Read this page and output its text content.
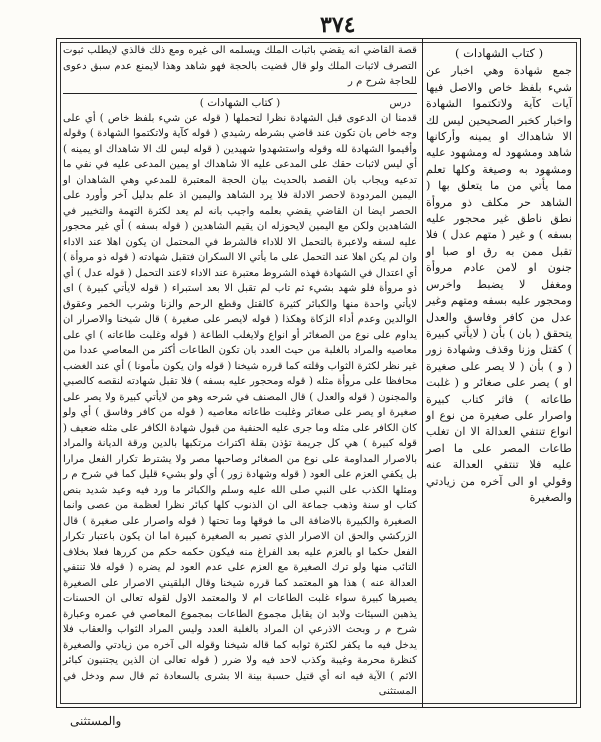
٣٧٤
( كتاب الشهادات )

جمع شهادة وهي اخبار عن شيء بلفظ خاص والاصل فيها آيات كآية ولاتكتموا الشهادة واخبار كخبر الصحيحين ليس لك الا شاهداك او يمينه وأركانها شاهد ومشهود له ومشهود عليه ومشهود به وصيغة وكلها تعلم مما يأتي من ما يتعلق بها ( الشاهد حر مكلف ذو مروأة نطق ناطق غير محجور عليه بسفه ) و غير ( متهم عدل ) فلا تقبل ممن به رق او صبا او جنون او لامن عادم مروأة ومغفل لا يضبط واخرس ومحجور عليه بسفه ومتهم وغير عدل من كافر وفاسق والعدل يتحقق ( بان ) بأن ( لايأتي كبيرة ) كقتل وزنا وقذف وشهادة زور ( و ) بأن ( لا يصر على صغيرة او ) يصر على صغائر و ( غلبت طاعاته ) فاثر كتاب كبيرة واصرار على صغيرة من نوع او انواع تنتفي العدالة الا ان تغلب طاعات المصر على ما اصر عليه فلا تنتفي العدالة عنه وقولي او الى آخره من زيادتي والصغيرة

قصة القاضي انه يقضي باثبات الملك ويسلمه الى غيره ومع ذلك فالذي لايطلب ثبوت التصرف لاثبات الملك ولو قال قضيت بالحجة فهو شاهد وهذا لايمنع عدم سبق دعوى للحاجة شرح م ر

( كتاب الشهادات )	درس

قدمنا ان الدعوى قبل الشهادة نظرا لتحملها ( قوله عن شيء بلفظ خاص ) أي على وجه خاص بان تكون عند قاضي بشرطه رشيدي ( قوله كآية ولاتكتموا الشهادة ) وقوله وأقيموا الشهادة لله وقوله واستشهدوا شهيدين ( قوله ليس لك الا شاهداك او يمينه ) أي ليس لاثبات حقك على المدعى عليه الا شاهداك او يمين المدعى عليه في نفي ما تدعيه ويجاب بان القصد بالحديث بيان الحجة المعتبرة للمدعي وهي الشاهدان او اليمين المردودة لاحصر الادلة فلا يرد الشاهد واليمين اذ علم بدليل آخر وأورد على الحصر ايضا ان القاضي يقضي بعلمه واجيب بانه لم يعد لكثرة التهمة والتخيير في الشاهدين ولكن مع اليمين لايحوزله ان يقيم الشاهدين ( قوله بسفه ) أي غير محجور عليه لسفه ولاعبرة بالتحمل الا للاداء فالشرط في المحتمل ان يكون اهلا عند الاداء وان لم يكن اهلا عند التحمل على ما يأتي الا السكران فتقبل شهادته ( قوله ذو مروأة ) أي اعتدال في الشهادة فهذه الشروط معتبرة عند الاداء لاعند التحمل ( قوله عدل ) أي ذو مروأة فلو شهد بشيء ثم تاب لم تقبل الا بعد استبراء ( قوله لايأتي كبيرة ) اى لايأتي واحدة منها والكبائر كثيرة كالقتل وقطع الرحم والزنا وشرب الخمر وعقوق الوالدين وعدم أداء الزكاة وهكذا ( قوله لايصر على صغيرة ) قال شيخنا والاصرار ان يداوم على نوع من الصغائر أو انواع ولايغلب الطاعة ( قوله وغلبت طاعاته ) اي على معاصيه والمراد بالغلبة من حيث العدد بان تكون الطاعات أكثر من المعاصي عددا من غير نظر لكثرة الثواب وقلته كما قرره شيخنا ( قوله وان يكون مأمونا ) أي عند الغضب محافظا على مروأة مثله ( قوله ومحجور عليه بسفه ) فلا تقبل شهادته لنقصه كالصبي والمجنون ( قوله والعدل ) قال المصنف في شرحه وهو من لايأتي كبيرة ولا يصر على صغيرة او يصر على صغائر وغلبت طاعاته معاصيه ( قوله من كافر وفاسق ) أي ولو كان الكافر على مثله وما جرى عليه الحنفية من قبول شهادة الكافر على مثله ضعيف ( قوله كبيرة ) هي كل جريمة تؤذن بقلة اكتراث مرتكبها بالدين ورقة الديانة والمراد بالاصرار المداومة على نوع من الصغائر وصاحبها مصر ولا يشترط تكرار الفعل مرارا بل يكفي العزم على العود ( قوله وشهادة زور ) أي ولو بشيء قليل كما في شرح م ر ومثلها الكذب على النبي صلى الله عليه وسلم والكبائر ما ورد فيه وعيد شديد بنص كتاب او سنة وذهب جماعة الى ان الذنوب كلها كبائر نظرا لعظمة من عصى وانما الصغيرة والكبيرة بالاضافة الى ما فوقها وما تحتها ( قوله واصرار على صغيرة ) قال الزركشي والحق ان الاصرار الذي تصير به الصغيرة كبيرة اما ان يكون باعتبار تكرار الفعل حكما او بالعزم عليه بعد الفراغ منه فيكون حكمه حكم من كررها فعلا بخلاف التائب منها ولو ترك الصغيرة مع العزم على عدم العود لم يضره ( قوله فلا تنتفي العدالة عنه ) هذا هو المعتمد كما قرره شيخنا وقال البلقيني الاصرار على الصغيرة يصيرها كبيرة سواء غلبت الطاعات ام لا والمعتمد الاول لقوله تعالى ان الحسنات يذهبن السيئات ولابد ان يقابل مجموع الطاعات بمجموع المعاصي في عمره وعبارة شرح م ر وبحث الاذرعي ان المراد بالغلبة العدد وليس المراد الثواب والعقاب فلا يدخل فيه ما يكفر لكثرة ثوابه كما قاله شيخنا وقوله الى آخره من زيادتي والصغيرة كنظرة محرمة وغيبة وكذب لاحد فيه ولا ضرر ( قوله تعالى ان الذين يجتنبون كبائر الاثم ) الآية فيه انه أي قتيل حسبة بينة الا بشرى بالسعادة ثم قال سم ودخل في المستثنى

والمستثنى
